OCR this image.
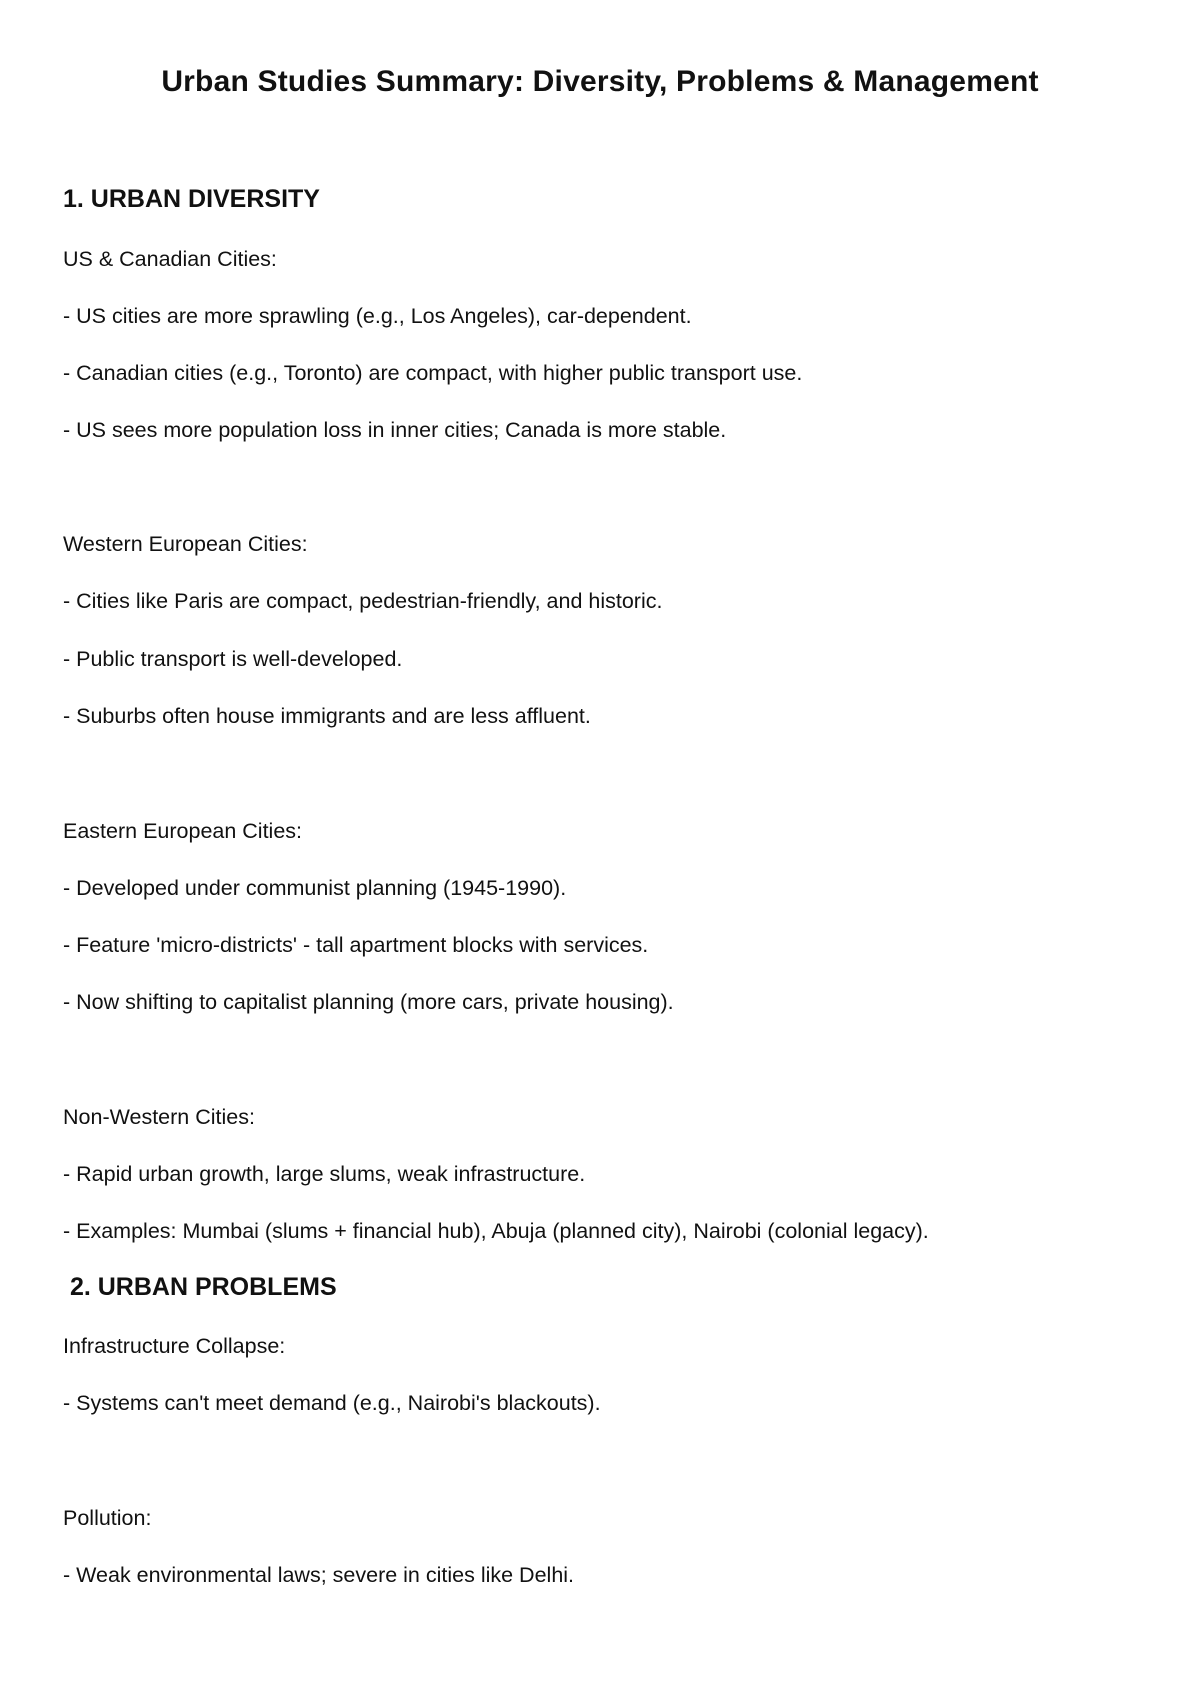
Urban Studies Summary: Diversity, Problems & Management
1. URBAN DIVERSITY

US & Canadian Cities:

- US cities are more sprawling (e.g., Los Angeles), car-dependent.

- Canadian cities (e.g., Toronto) are compact, with higher public transport use.

- US sees more population loss in inner cities; Canada is more stable.

Western European Cities:

- Cities like Paris are compact, pedestrian-friendly, and historic.

- Public transport is well-developed.

- Suburbs often house immigrants and are less affluent.

Eastern European Cities:

- Developed under communist planning (1945-1990).

- Feature 'micro-districts' - tall apartment blocks with services.

- Now shifting to capitalist planning (more cars, private housing).

Non-Western Cities:

- Rapid urban growth, large slums, weak infrastructure.

- Examples: Mumbai (slums + financial hub), Abuja (planned city), Nairobi (colonial legacy).

2. URBAN PROBLEMS

Infrastructure Collapse:

- Systems can't meet demand (e.g., Nairobi's blackouts).

Pollution:

- Weak environmental laws; severe in cities like Delhi.
